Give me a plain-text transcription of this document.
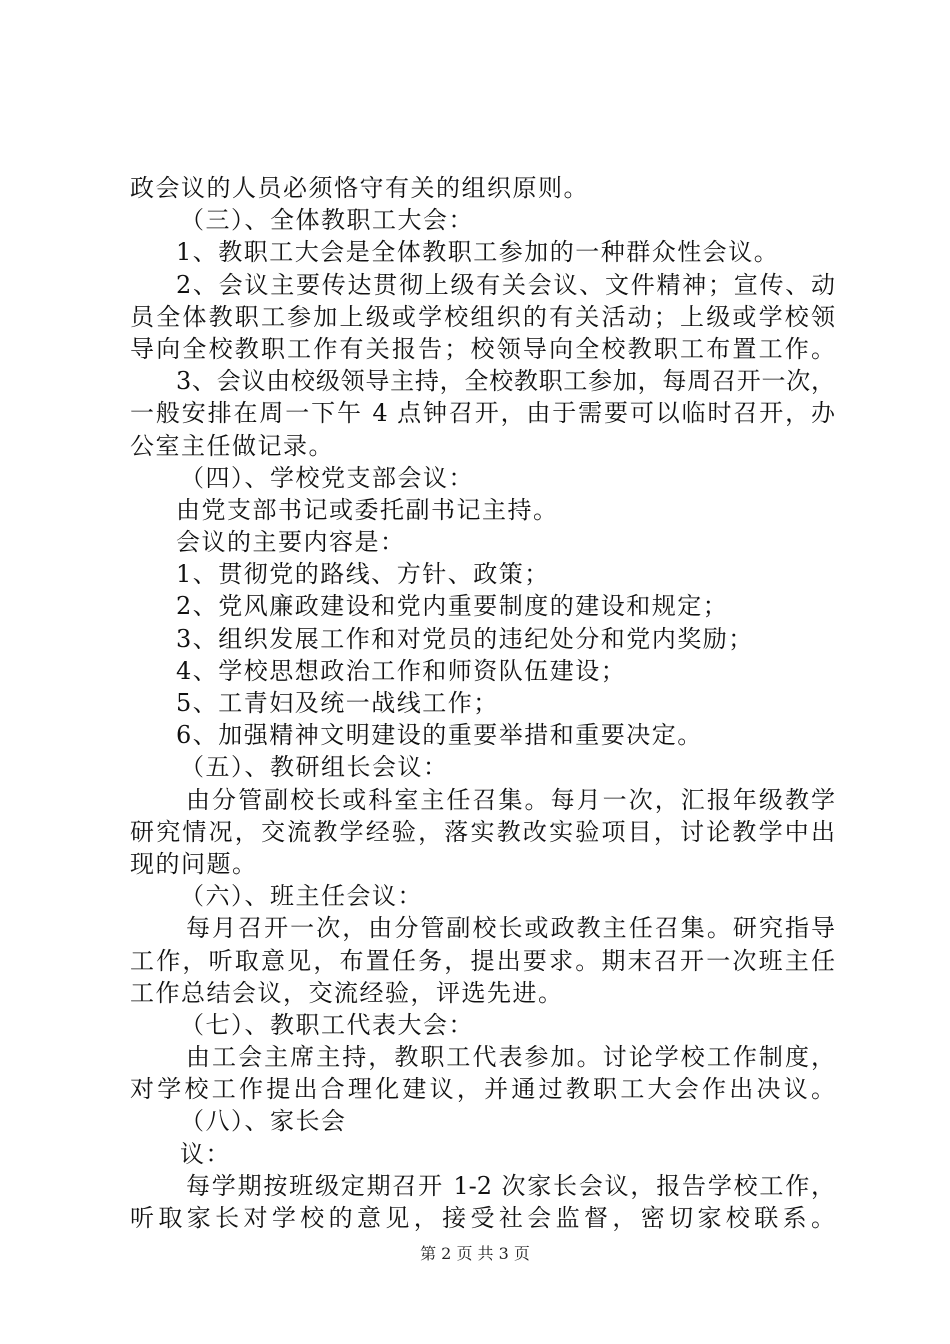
政会议的人员必须恪守有关的组织原则。
（三）、全体教职工大会：
1、教职工大会是全体教职工参加的一种群众性会议。
2、会议主要传达贯彻上级有关会议、文件精神；宣传、动
员全体教职工参加上级或学校组织的有关活动；上级或学校领
导向全校教职工作有关报告；校领导向全校教职工布置工作。
3、会议由校级领导主持，全校教职工参加，每周召开一次，
一般安排在周一下午 4 点钟召开，由于需要可以临时召开，办
公室主任做记录。
（四）、学校党支部会议：
由党支部书记或委托副书记主持。
会议的主要内容是：
1、贯彻党的路线、方针、政策；
2、党风廉政建设和党内重要制度的建设和规定；
3、组织发展工作和对党员的违纪处分和党内奖励；
4、学校思想政治工作和师资队伍建设；
5、工青妇及统一战线工作；
6、加强精神文明建设的重要举措和重要决定。
（五）、教研组长会议：
由分管副校长或科室主任召集。每月一次，汇报年级教学
研究情况，交流教学经验，落实教改实验项目，讨论教学中出
现的问题。
（六）、班主任会议：
每月召开一次，由分管副校长或政教主任召集。研究指导
工作，听取意见，布置任务，提出要求。期末召开一次班主任
工作总结会议，交流经验，评选先进。
（七）、教职工代表大会：
由工会主席主持，教职工代表参加。讨论学校工作制度，
对学校工作提出合理化建议，并通过教职工大会作出决议。
（八）、家长会
议：
每学期按班级定期召开 1-2 次家长会议，报告学校工作，
听取家长对学校的意见，接受社会监督，密切家校联系。
第 2 页 共 3 页
